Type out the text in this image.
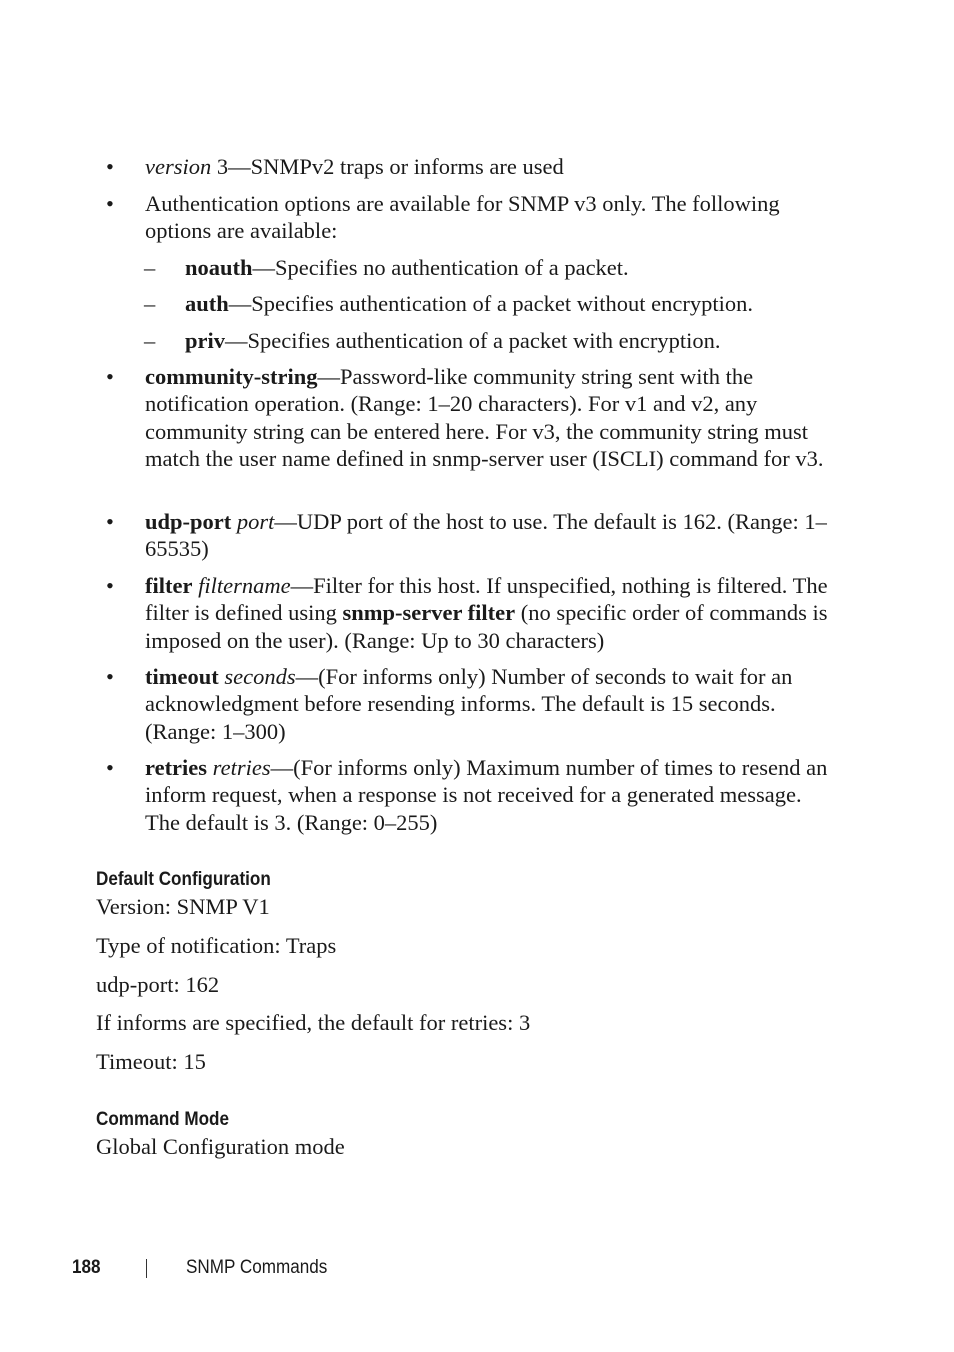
• version 3—SNMPv2 traps or informs are used
• Authentication options are available for SNMP v3 only. The following options are available:
– noauth—Specifies no authentication of a packet.
– auth—Specifies authentication of a packet without encryption.
– priv—Specifies authentication of a packet with encryption.
• community-string—Password-like community string sent with the notification operation. (Range: 1–20 characters). For v1 and v2, any community string can be entered here. For v3, the community string must match the user name defined in snmp-server user (ISCLI) command for v3.
• udp-port port—UDP port of the host to use. The default is 162. (Range: 1–65535)
• filter filtername—Filter for this host. If unspecified, nothing is filtered. The filter is defined using snmp-server filter (no specific order of commands is imposed on the user). (Range: Up to 30 characters)
• timeout seconds—(For informs only) Number of seconds to wait for an acknowledgment before resending informs. The default is 15 seconds. (Range: 1–300)
• retries retries—(For informs only) Maximum number of times to resend an inform request, when a response is not received for a generated message. The default is 3. (Range: 0–255)
Default Configuration
Version: SNMP V1
Type of notification: Traps
udp-port: 162
If informs are specified, the default for retries: 3
Timeout: 15
Command Mode
Global Configuration mode
188	SNMP Commands
